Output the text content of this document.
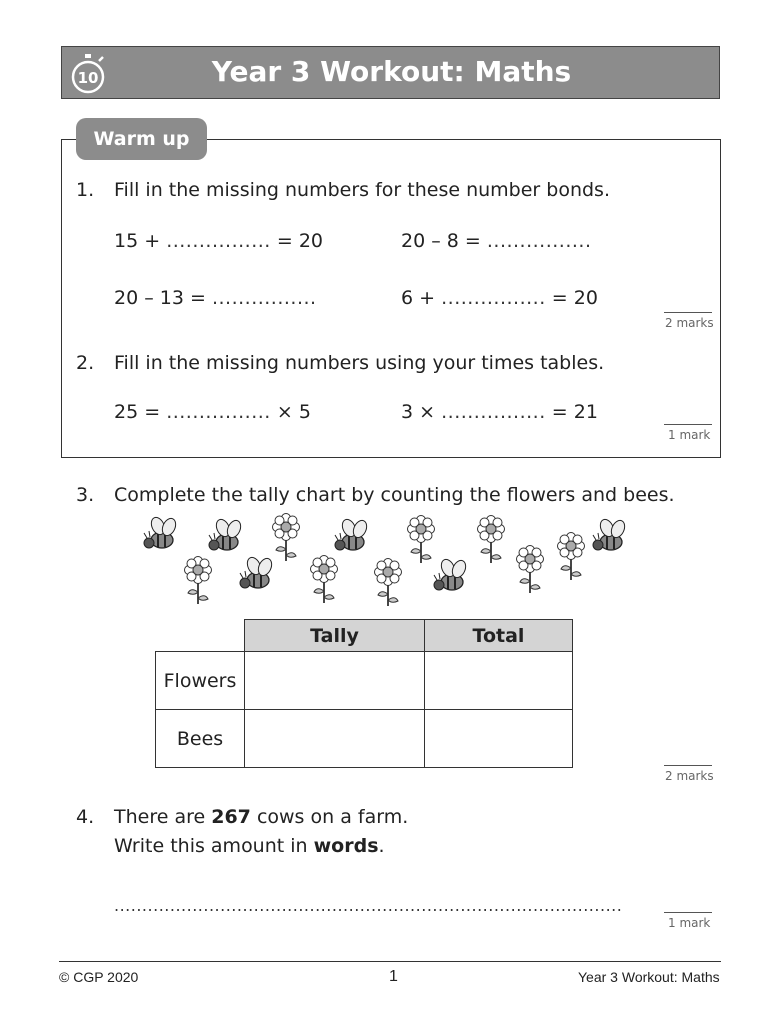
10	Year 3 Workout: Maths
Warm up
1. Fill in the missing numbers for these number bonds.
15 + ................ = 20	20 – 8 = ................
20 – 13 = ................	6 + ................ = 20
2 marks
2. Fill in the missing numbers using your times tables.
25 = ................ × 5	3 × ................ = 21
1 mark
3. Complete the tally chart by counting the flowers and bees.
	Tally	Total
Flowers		
Bees		
2 marks
4. There are 267 cows on a farm.
Write this amount in words.
...........................................................................................
1 mark
© CGP 2020	1	Year 3 Workout: Maths
